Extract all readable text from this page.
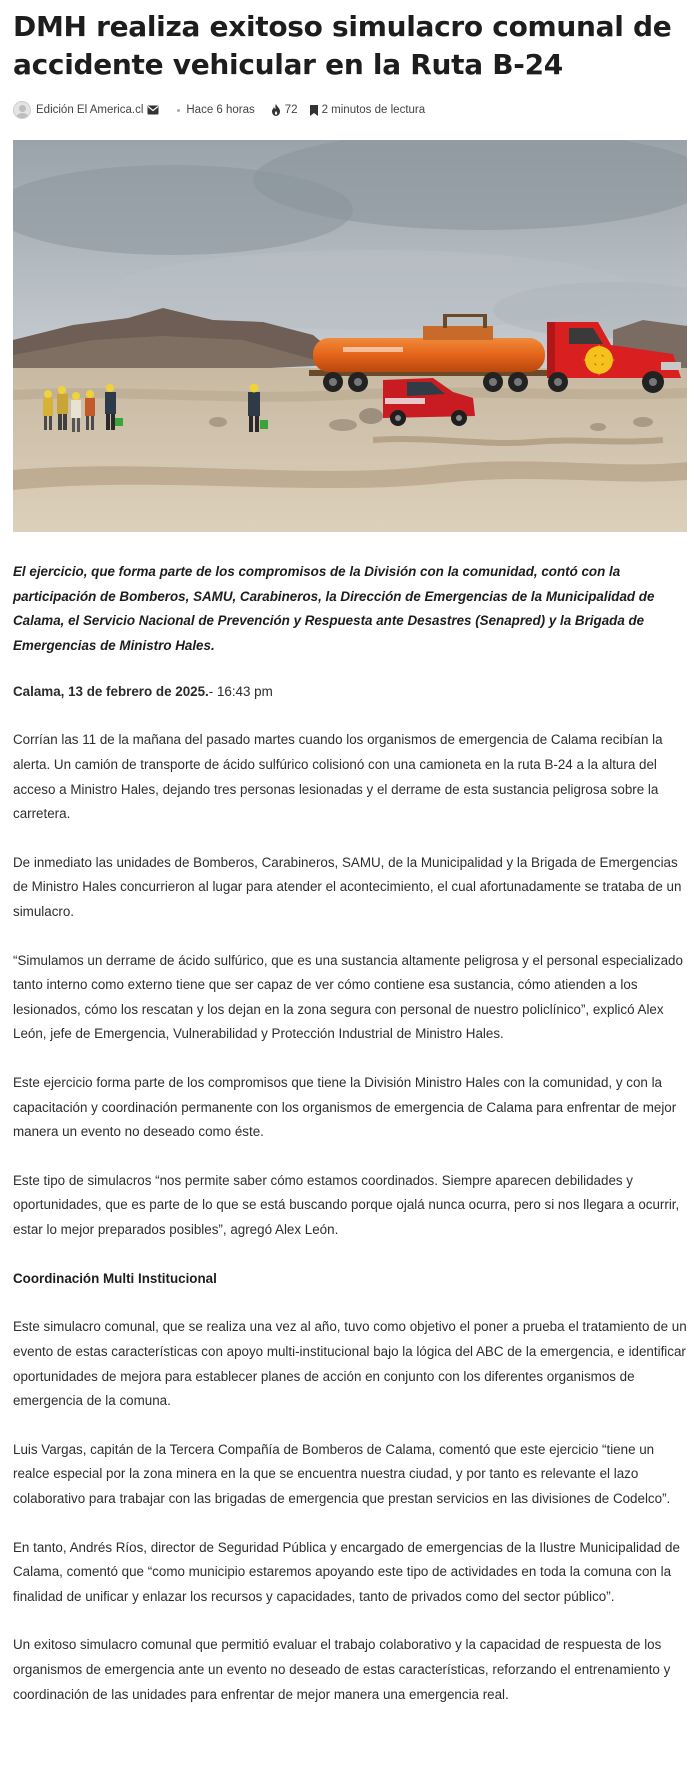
DMH realiza exitoso simulacro comunal de accidente vehicular en la Ruta B-24
Edición El America.cl	Hace 6 horas	72 2 minutos de lectura

El ejercicio, que forma parte de los compromisos de la División con la comunidad, contó con la participación de Bomberos, SAMU, Carabineros, la Dirección de Emergencias de la Municipalidad de Calama, el Servicio Nacional de Prevención y Respuesta ante Desastres (Senapred) y la Brigada de Emergencias de Ministro Hales.

Calama, 13 de febrero de 2025.- 16:43 pm

Corrían las 11 de la mañana del pasado martes cuando los organismos de emergencia de Calama recibían la alerta. Un camión de transporte de ácido sulfúrico colisionó con una camioneta en la ruta B-24 a la altura del acceso a Ministro Hales, dejando tres personas lesionadas y el derrame de esta sustancia peligrosa sobre la carretera.

De inmediato las unidades de Bomberos, Carabineros, SAMU, de la Municipalidad y la Brigada de Emergencias de Ministro Hales concurrieron al lugar para atender el acontecimiento, el cual afortunadamente se trataba de un simulacro.

“Simulamos un derrame de ácido sulfúrico, que es una sustancia altamente peligrosa y el personal especializado tanto interno como externo tiene que ser capaz de ver cómo contiene esa sustancia, cómo atienden a los lesionados, cómo los rescatan y los dejan en la zona segura con personal de nuestro policlínico”, explicó Alex León, jefe de Emergencia, Vulnerabilidad y Protección Industrial de Ministro Hales.

Este ejercicio forma parte de los compromisos que tiene la División Ministro Hales con la comunidad, y con la capacitación y coordinación permanente con los organismos de emergencia de Calama para enfrentar de mejor manera un evento no deseado como éste.

Este tipo de simulacros “nos permite saber cómo estamos coordinados. Siempre aparecen debilidades y oportunidades, que es parte de lo que se está buscando porque ojalá nunca ocurra, pero si nos llegara a ocurrir, estar lo mejor preparados posibles”, agregó Alex León.

Coordinación Multi Institucional

Este simulacro comunal, que se realiza una vez al año, tuvo como objetivo el poner a prueba el tratamiento de un evento de estas características con apoyo multi-institucional bajo la lógica del ABC de la emergencia, e identificar oportunidades de mejora para establecer planes de acción en conjunto con los diferentes organismos de emergencia de la comuna.

Luis Vargas, capitán de la Tercera Compañía de Bomberos de Calama, comentó que este ejercicio “tiene un realce especial por la zona minera en la que se encuentra nuestra ciudad, y por tanto es relevante el lazo colaborativo para trabajar con las brigadas de emergencia que prestan servicios en las divisiones de Codelco”.

En tanto, Andrés Ríos, director de Seguridad Pública y encargado de emergencias de la Ilustre Municipalidad de Calama, comentó que “como municipio estaremos apoyando este tipo de actividades en toda la comuna con la finalidad de unificar y enlazar los recursos y capacidades, tanto de privados como del sector público”.

Un exitoso simulacro comunal que permitió evaluar el trabajo colaborativo y la capacidad de respuesta de los organismos de emergencia ante un evento no deseado de estas características, reforzando el entrenamiento y coordinación de las unidades para enfrentar de mejor manera una emergencia real.
